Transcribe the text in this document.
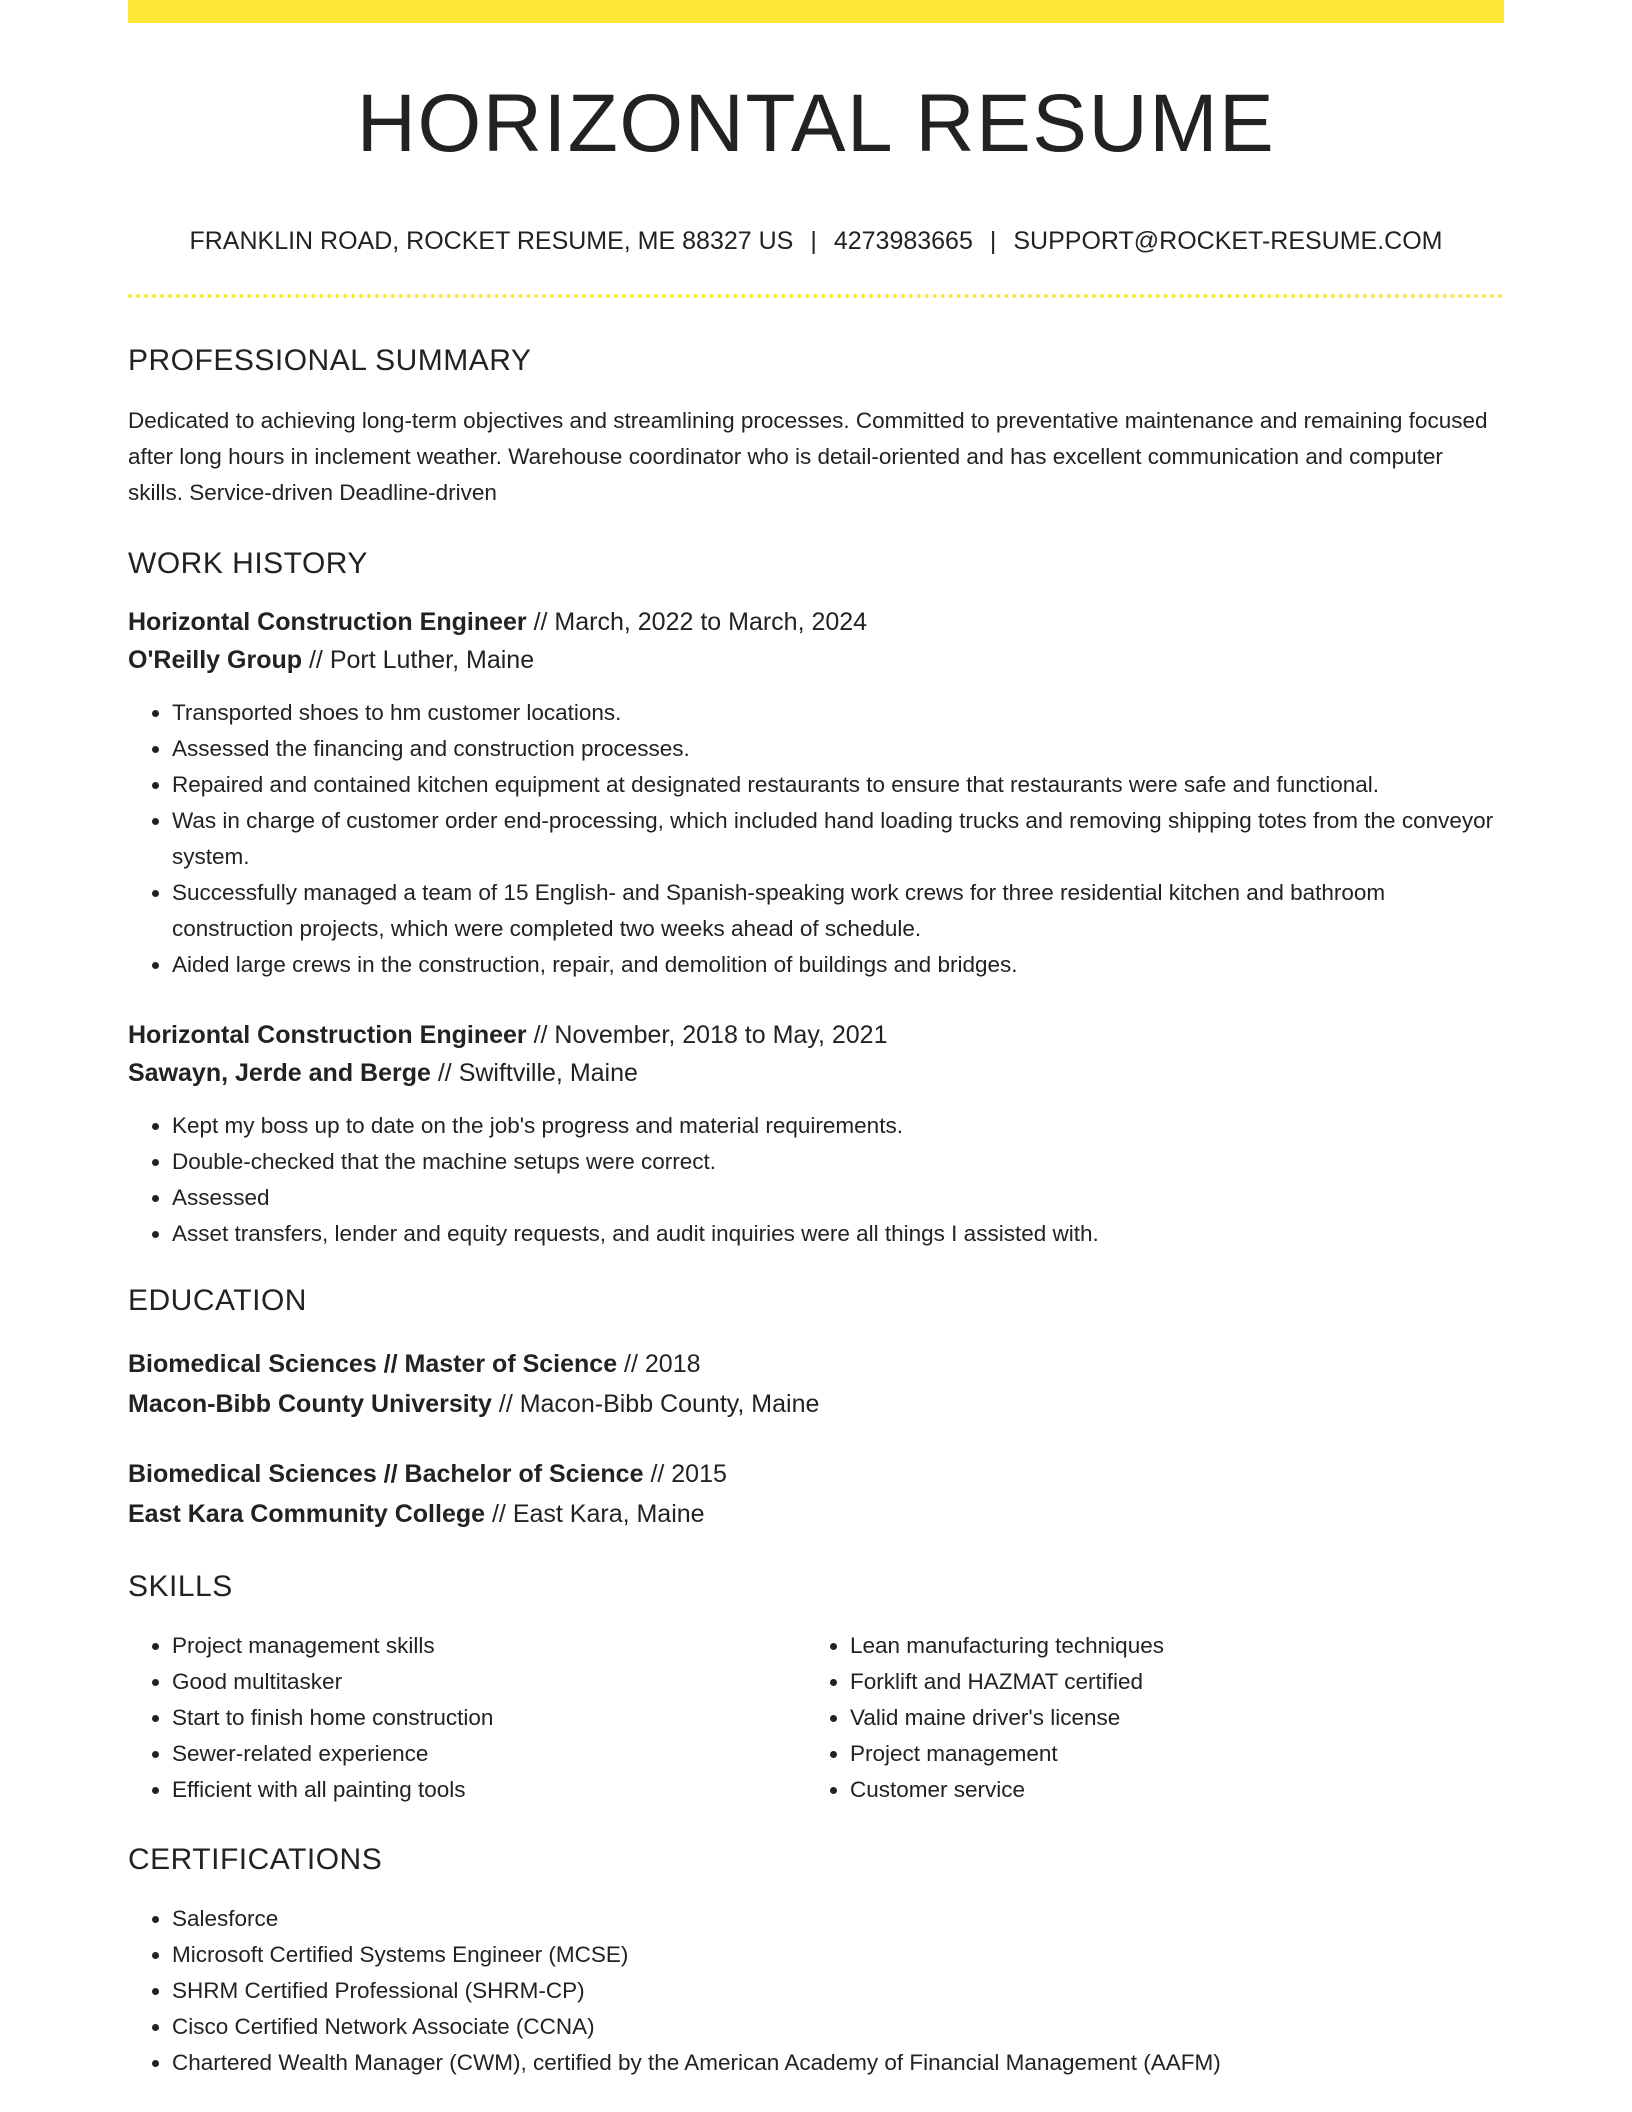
HORIZONTAL RESUME
FRANKLIN ROAD, ROCKET RESUME, ME 88327 US | 4273983665 | SUPPORT@ROCKET-RESUME.COM
PROFESSIONAL SUMMARY

Dedicated to achieving long-term objectives and streamlining processes. Committed to preventative maintenance and remaining focused after long hours in inclement weather. Warehouse coordinator who is detail-oriented and has excellent communication and computer skills. Service-driven Deadline-driven

WORK HISTORY
Horizontal Construction Engineer // March, 2022 to March, 2024
O'Reilly Group // Port Luther, Maine
• Transported shoes to hm customer locations.
• Assessed the financing and construction processes.
• Repaired and contained kitchen equipment at designated restaurants to ensure that restaurants were safe and functional.
• Was in charge of customer order end-processing, which included hand loading trucks and removing shipping totes from the conveyor system.
• Successfully managed a team of 15 English- and Spanish-speaking work crews for three residential kitchen and bathroom construction projects, which were completed two weeks ahead of schedule.
• Aided large crews in the construction, repair, and demolition of buildings and bridges.
Horizontal Construction Engineer // November, 2018 to May, 2021
Sawayn, Jerde and Berge // Swiftville, Maine
• Kept my boss up to date on the job's progress and material requirements.
• Double-checked that the machine setups were correct.
• Assessed
• Asset transfers, lender and equity requests, and audit inquiries were all things I assisted with.
EDUCATION
Biomedical Sciences // Master of Science // 2018
Macon-Bibb County University // Macon-Bibb County, Maine
Biomedical Sciences // Bachelor of Science // 2015
East Kara Community College // East Kara, Maine
SKILLS
• Project management skills
• Good multitasker
• Start to finish home construction
• Sewer-related experience
• Efficient with all painting tools
• Lean manufacturing techniques
• Forklift and HAZMAT certified
• Valid maine driver's license
• Project management
• Customer service
CERTIFICATIONS
• Salesforce
• Microsoft Certified Systems Engineer (MCSE)
• SHRM Certified Professional (SHRM-CP)
• Cisco Certified Network Associate (CCNA)
• Chartered Wealth Manager (CWM), certified by the American Academy of Financial Management (AAFM)
